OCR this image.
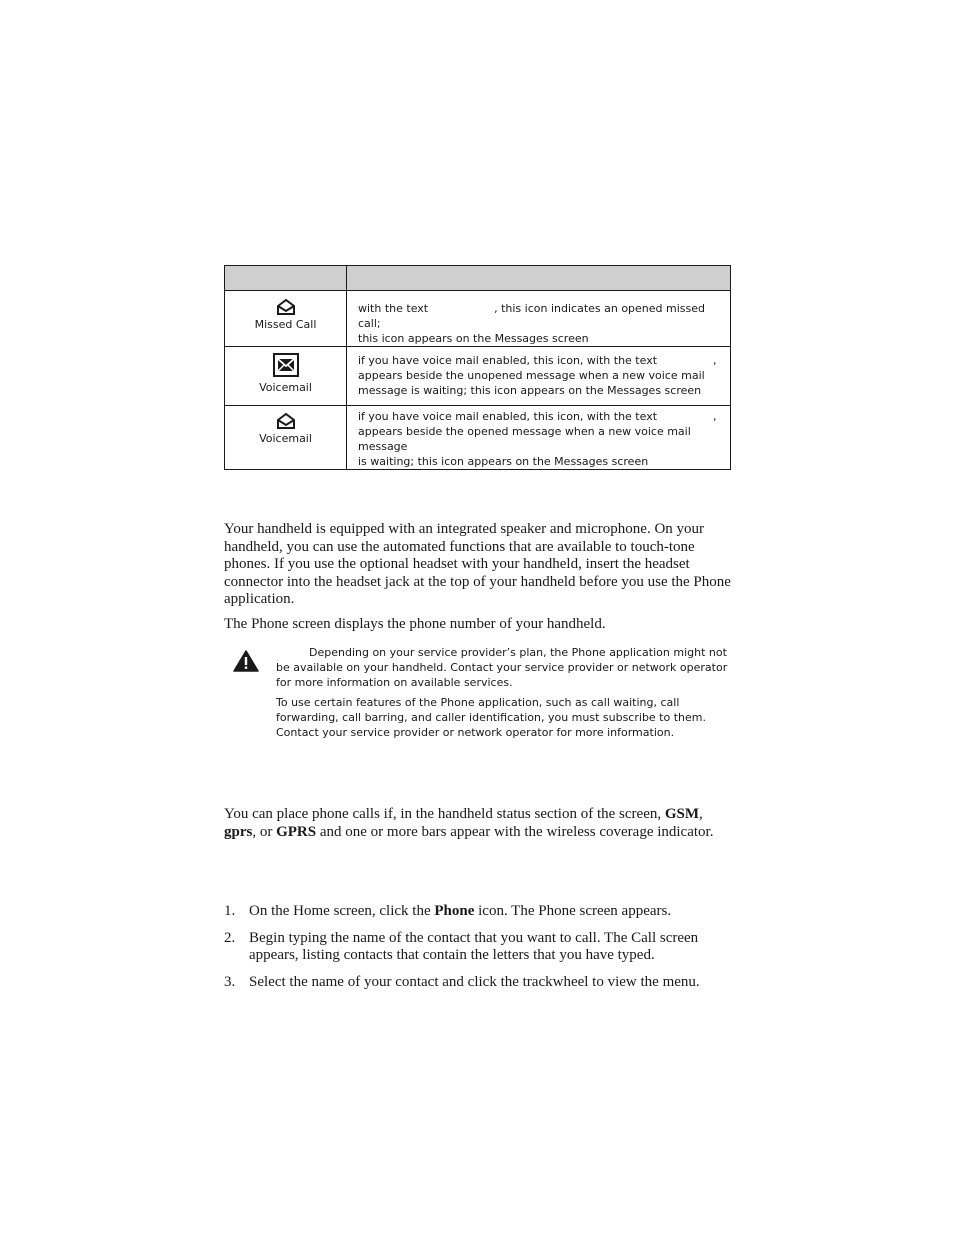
Missed Call	with the text , this icon indicates an opened missed call;
this icon appears on the Messages screen

Voicemail	if you have voice mail enabled, this icon, with the text ,
appears beside the unopened message when a new voice mail
message is waiting; this icon appears on the Messages screen

Voicemail	if you have voice mail enabled, this icon, with the text ,
appears beside the opened message when a new voice mail message
is waiting; this icon appears on the Messages screen

Your handheld is equipped with an integrated speaker and microphone. On your handheld, you can use the automated functions that are available to touch-tone phones. If you use the optional headset with your handheld, insert the headset connector into the headset jack at the top of your handheld before you use the Phone application.

The Phone screen displays the phone number of your handheld.

Depending on your service provider’s plan, the Phone application might not be available on your handheld. Contact your service provider or network operator for more information on available services.

To use certain features of the Phone application, such as call waiting, call forwarding, call barring, and caller identification, you must subscribe to them. Contact your service provider or network operator for more information.

You can place phone calls if, in the handheld status section of the screen, GSM, gprs, or GPRS and one or more bars appear with the wireless coverage indicator.

1. On the Home screen, click the Phone icon. The Phone screen appears.
2. Begin typing the name of the contact that you want to call. The Call screen appears, listing contacts that contain the letters that you have typed.
3. Select the name of your contact and click the trackwheel to view the menu.
